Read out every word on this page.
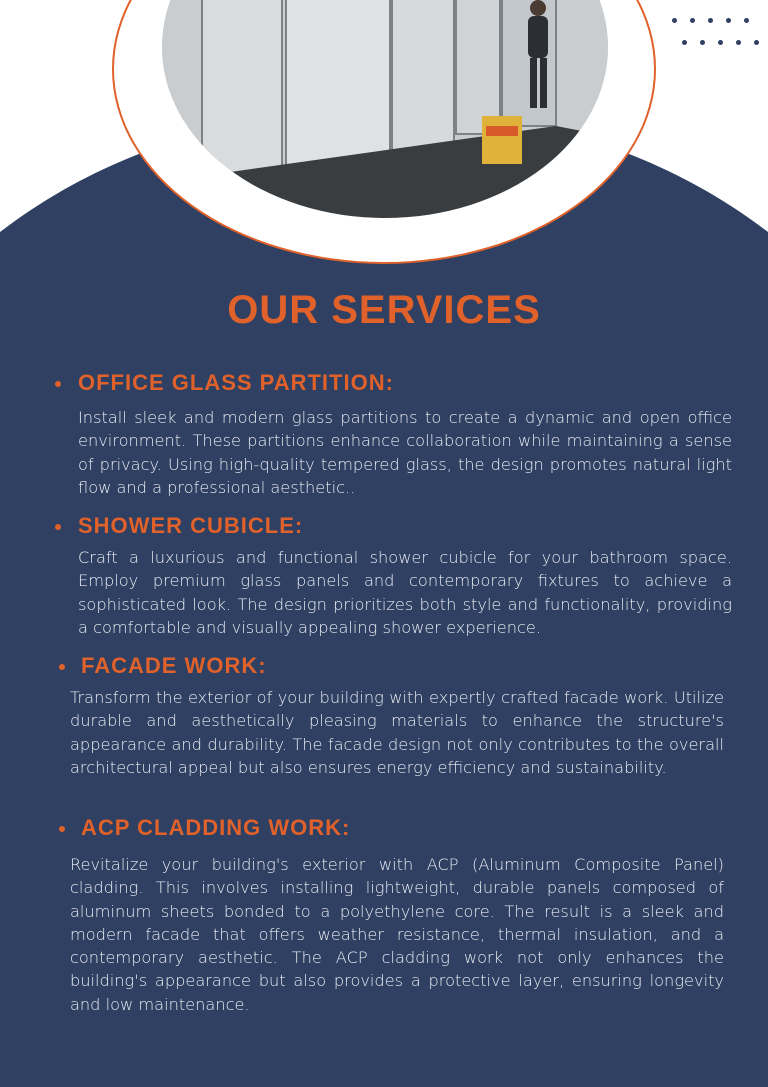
OUR SERVICES
OFFICE GLASS PARTITION:

Install sleek and modern glass partitions to create a dynamic and open office environment. These partitions enhance collaboration while maintaining a sense of privacy. Using high-quality tempered glass, the design promotes natural light flow and a professional aesthetic..

SHOWER CUBICLE:

Craft a luxurious and functional shower cubicle for your bathroom space. Employ premium glass panels and contemporary fixtures to achieve a sophisticated look. The design prioritizes both style and functionality, providing a comfortable and visually appealing shower experience.

FACADE WORK:

Transform the exterior of your building with expertly crafted facade work. Utilize durable and aesthetically pleasing materials to enhance the structure's appearance and durability. The facade design not only contributes to the overall architectural appeal but also ensures energy efficiency and sustainability.

ACP CLADDING WORK:

Revitalize your building's exterior with ACP (Aluminum Composite Panel) cladding. This involves installing lightweight, durable panels composed of aluminum sheets bonded to a polyethylene core. The result is a sleek and modern facade that offers weather resistance, thermal insulation, and a contemporary aesthetic. The ACP cladding work not only enhances the building's appearance but also provides a protective layer, ensuring longevity and low maintenance.
